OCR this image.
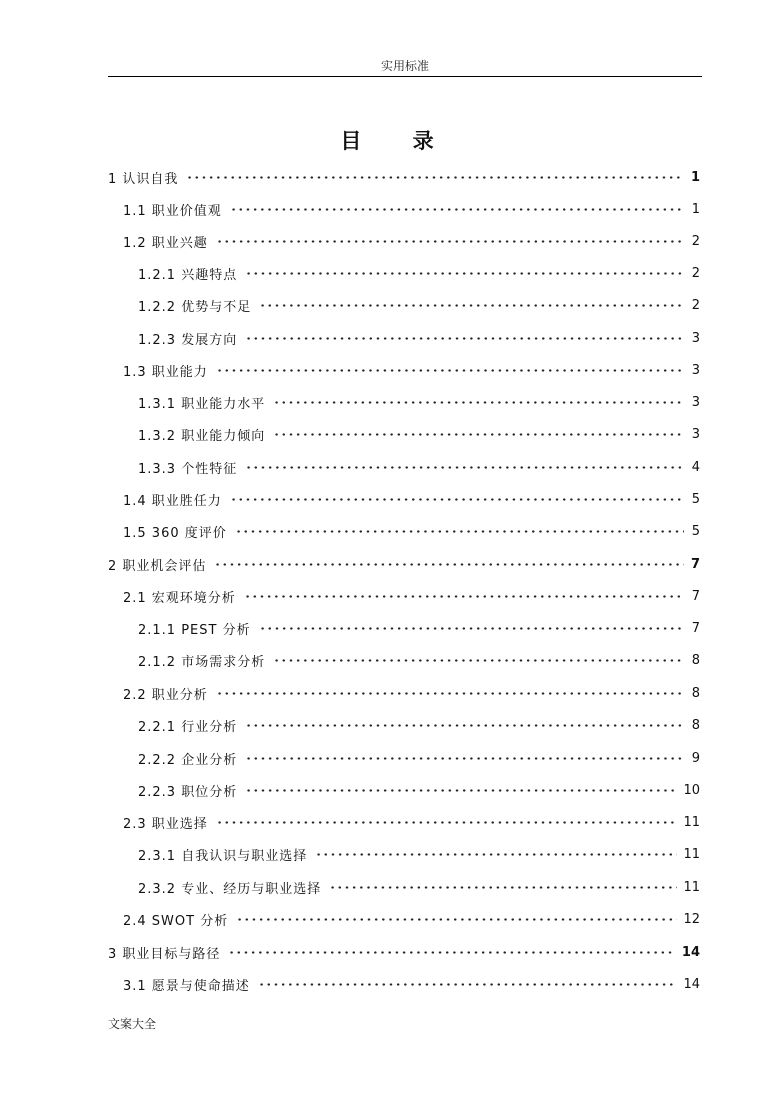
实用标准
目 录
1 认识自我	1
1.1 职业价值观	1
1.2 职业兴趣	2
1.2.1 兴趣特点	2
1.2.2 优势与不足	2
1.2.3 发展方向	3
1.3 职业能力	3
1.3.1 职业能力水平	3
1.3.2 职业能力倾向	3
1.3.3 个性特征	4
1.4 职业胜任力	5
1.5 360 度评价	5
2 职业机会评估	7
2.1 宏观环境分析	7
2.1.1 PEST 分析	7
2.1.2 市场需求分析	8
2.2 职业分析	8
2.2.1 行业分析	8
2.2.2 企业分析	9
2.2.3 职位分析	10
2.3 职业选择	11
2.3.1 自我认识与职业选择	11
2.3.2 专业、经历与职业选择	11
2.4 SWOT 分析	12
3 职业目标与路径	14
3.1 愿景与使命描述	14
文案大全
